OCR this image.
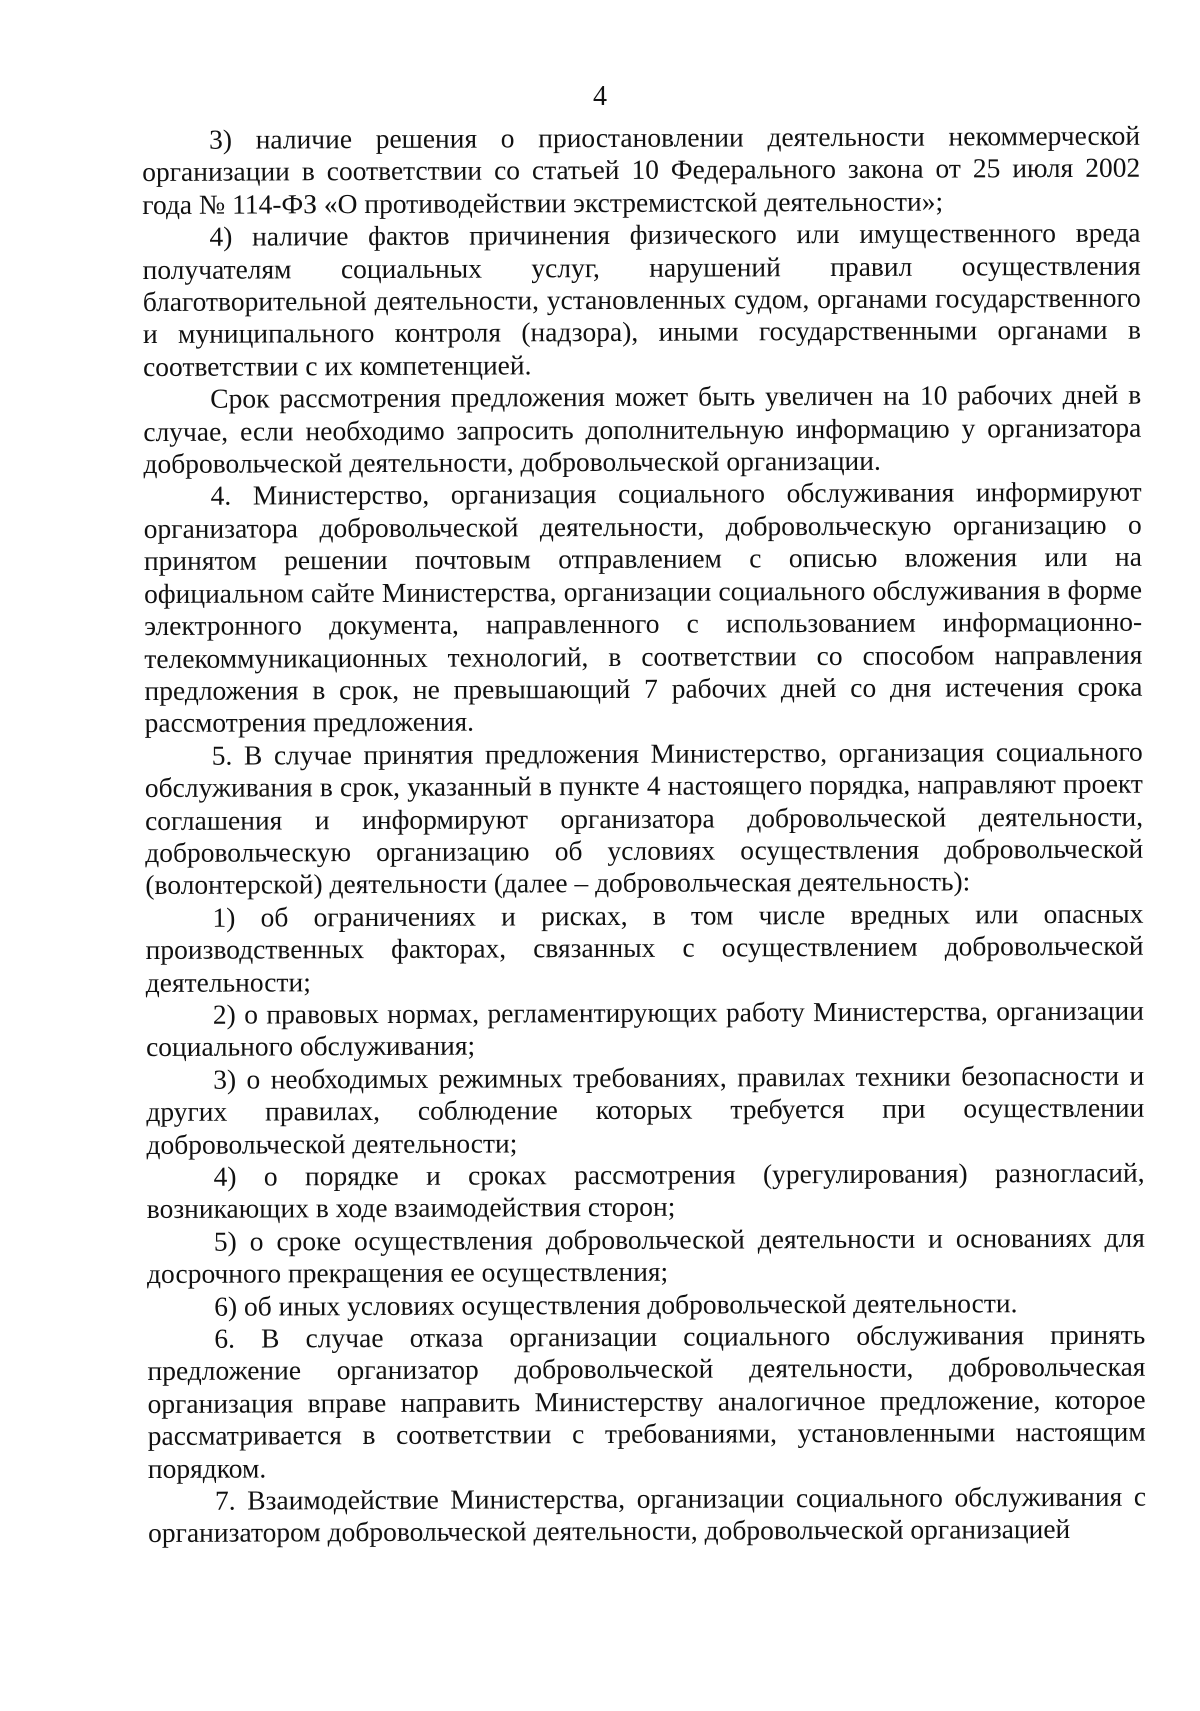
4

3) наличие решения о приостановлении деятельности некоммерческой организации в соответствии со статьей 10 Федерального закона от 25 июля 2002 года № 114-ФЗ «О противодействии экстремистской деятельности»;

4) наличие фактов причинения физического или имущественного вреда получателям социальных услуг, нарушений правил осуществления благотворительной деятельности, установленных судом, органами государственного и муниципального контроля (надзора), иными государственными органами в соответствии с их компетенцией.

Срок рассмотрения предложения может быть увеличен на 10 рабочих дней в случае, если необходимо запросить дополнительную информацию у организатора добровольческой деятельности, добровольческой организации.

4. Министерство, организация социального обслуживания информируют организатора добровольческой деятельности, добровольческую организацию о принятом решении почтовым отправлением с описью вложения или на официальном сайте Министерства, организации социального обслуживания в форме электронного документа, направленного с использованием информационно-телекоммуникационных технологий, в соответствии со способом направления предложения в срок, не превышающий 7 рабочих дней со дня истечения срока рассмотрения предложения.

5. В случае принятия предложения Министерство, организация социального обслуживания в срок, указанный в пункте 4 настоящего порядка, направляют проект соглашения и информируют организатора добровольческой деятельности, добровольческую организацию об условиях осуществления добровольческой (волонтерской) деятельности (далее – добровольческая деятельность):

1) об ограничениях и рисках, в том числе вредных или опасных производственных факторах, связанных с осуществлением добровольческой деятельности;

2) о правовых нормах, регламентирующих работу Министерства, организации социального обслуживания;

3) о необходимых режимных требованиях, правилах техники безопасности и других правилах, соблюдение которых требуется при осуществлении добровольческой деятельности;

4) о порядке и сроках рассмотрения (урегулирования) разногласий, возникающих в ходе взаимодействия сторон;

5) о сроке осуществления добровольческой деятельности и основаниях для досрочного прекращения ее осуществления;

6) об иных условиях осуществления добровольческой деятельности.

6. В случае отказа организации социального обслуживания принять предложение организатор добровольческой деятельности, добровольческая организация вправе направить Министерству аналогичное предложение, которое рассматривается в соответствии с требованиями, установленными настоящим порядком.

7. Взаимодействие Министерства, организации социального обслуживания с организатором добровольческой деятельности, добровольческой организацией
